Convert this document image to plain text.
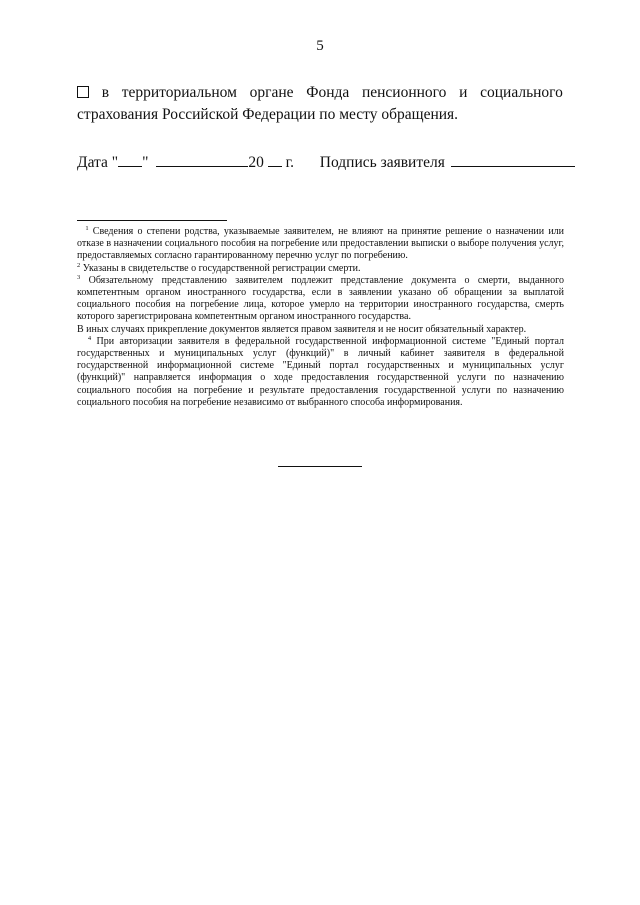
5
в территориальном органе Фонда пенсионного и социального
страхования Российской Федерации по месту обращения.
Дата " "	20 г. Подпись заявителя

$^1$ Сведения о степени родства, указываемые заявителем, не влияют на принятие решение о назначении или отказе в назначении социального пособия на погребение или предоставлении выписки о выборе получения услуг, предоставляемых согласно гарантированному перечню услуг по погребению.

$^2$ Указаны в свидетельстве о государственной регистрации смерти.

$^3$ Обязательному представлению заявителем подлежит представление документа о смерти, выданного компетентным органом иностранного государства, если в заявлении указано об обращении за выплатой социального пособия на погребение лица, которое умерло на территории иностранного государства, смерть которого зарегистрирована компетентным органом иностранного государства.

В иных случаях прикрепление документов является правом заявителя и не носит обязательный характер.

$^4$ При авторизации заявителя в федеральной государственной информационной системе "Единый портал государственных и муниципальных услуг (функций)" в личный кабинет заявителя в федеральной государственной информационной системе "Единый портал государственных и муниципальных услуг (функций)" направляется информация о ходе предоставления государственной услуги по назначению социального пособия на погребение и результате предоставления государственной услуги по назначению социального пособия на погребение независимо от выбранного способа информирования.
